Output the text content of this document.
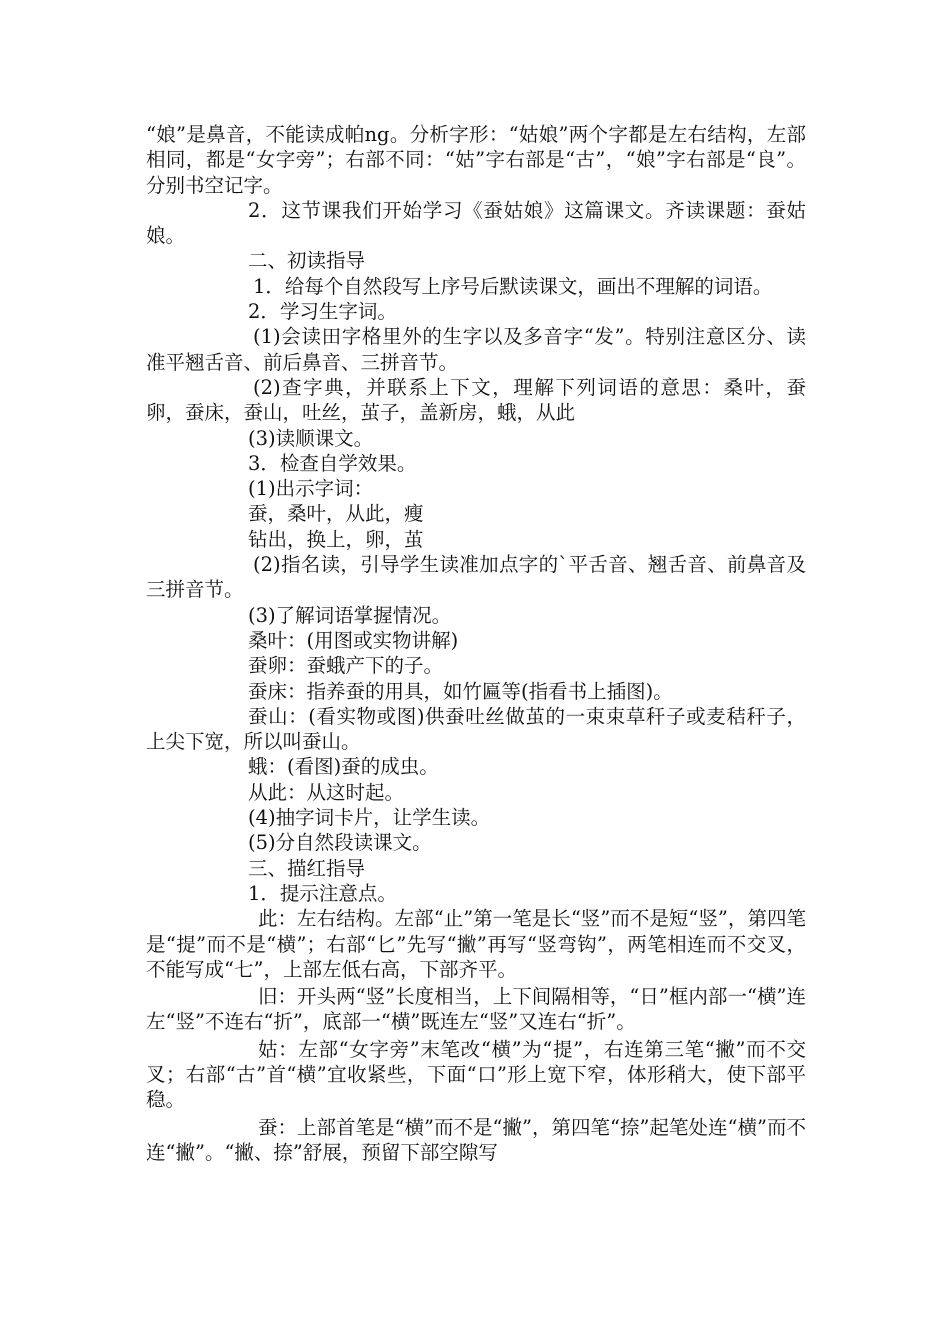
“娘”是鼻音，不能读成帕ng。分析字形：“姑娘”两个字都是左右结构，左部相同，都是“女字旁”；右部不同：“姑”字右部是“古”，“娘”字右部是“良”。分别书空记字。

2．这节课我们开始学习《蚕姑娘》这篇课文。齐读课题：蚕姑娘。

二、初读指导

1．给每个自然段写上序号后默读课文，画出不理解的词语。

2．学习生字词。

(1)会读田字格里外的生字以及多音字“发”。特别注意区分、读准平翘舌音、前后鼻音、三拼音节。

(2)查字典，并联系上下文，理解下列词语的意思：桑叶，蚕卵，蚕床，蚕山，吐丝，茧子，盖新房，蛾，从此

(3)读顺课文。

3．检查自学效果。

(1)出示字词：

蚕，桑叶，从此，瘦

钻出，换上，卵，茧

(2)指名读，引导学生读准加点字的`平舌音、翘舌音、前鼻音及三拼音节。

(3)了解词语掌握情况。

桑叶：(用图或实物讲解)

蚕卵：蚕蛾产下的子。

蚕床：指养蚕的用具，如竹匾等(指看书上插图)。

蚕山：(看实物或图)供蚕吐丝做茧的一束束草秆子或麦秸秆子，上尖下宽，所以叫蚕山。

蛾：(看图)蚕的成虫。

从此：从这时起。

(4)抽字词卡片，让学生读。

(5)分自然段读课文。

三、描红指导

1．提示注意点。

此：左右结构。左部“止”第一笔是长“竖”而不是短“竖”，第四笔是“提”而不是“横”；右部“匕”先写“撇”再写“竖弯钩”，两笔相连而不交叉，不能写成“七”，上部左低右高，下部齐平。

旧：开头两“竖”长度相当，上下间隔相等，“日”框内部一“横”连左“竖”不连右“折”，底部一“横”既连左“竖”又连右“折”。

姑：左部“女字旁”末笔改“横”为“提”，右连第三笔“撇”而不交叉；右部“古”首“横”宜收紧些，下面“口”形上宽下窄，体形稍大，使下部平稳。

蚕：上部首笔是“横”而不是“撇”，第四笔“捺”起笔处连“横”而不连“撇”。“撇、捺”舒展，预留下部空隙写
